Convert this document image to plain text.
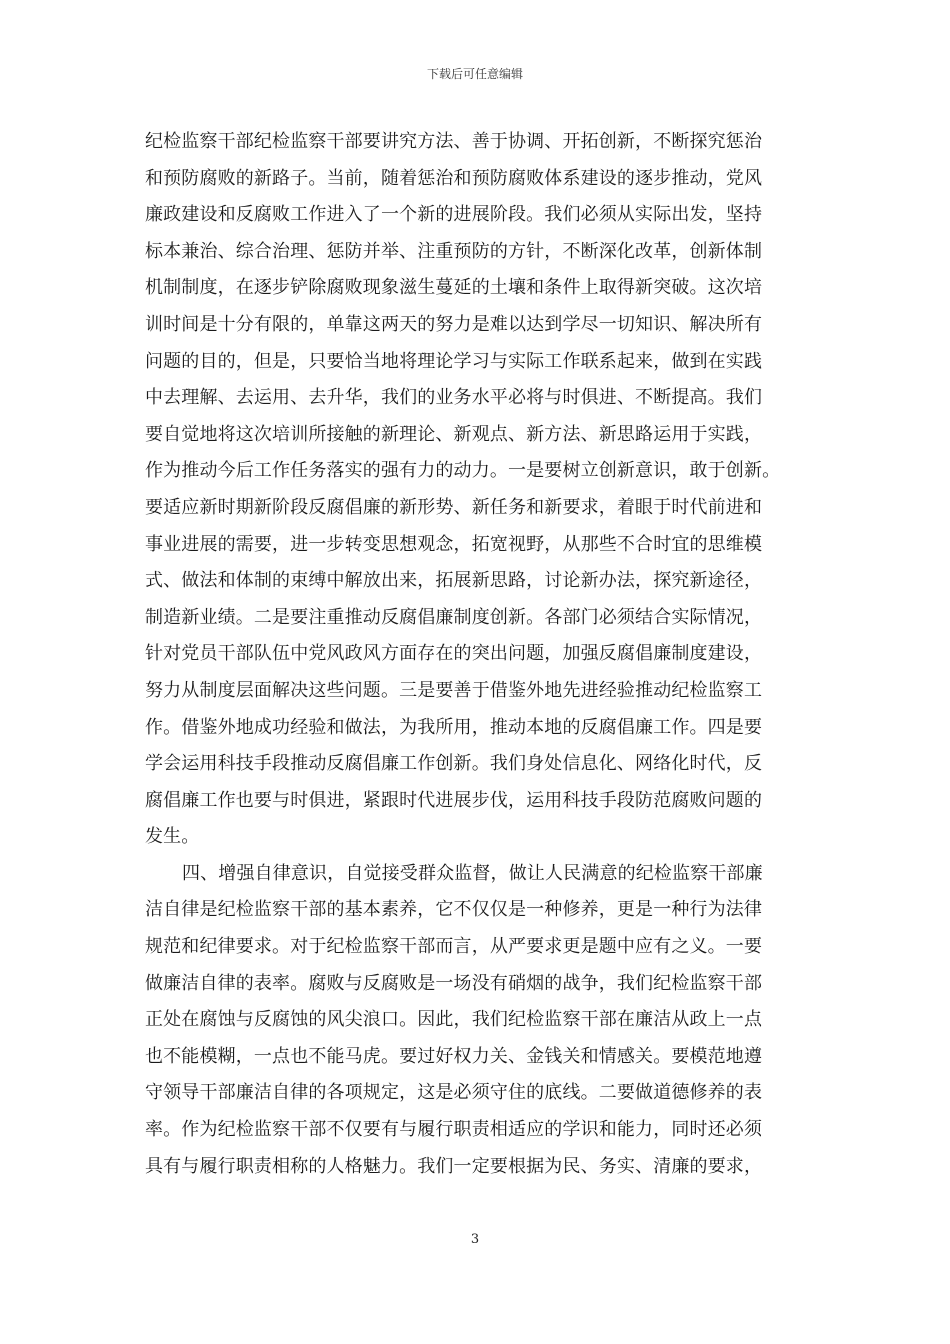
下载后可任意编辑
纪检监察干部纪检监察干部要讲究方法、善于协调、开拓创新，不断探究惩治
和预防腐败的新路子。当前，随着惩治和预防腐败体系建设的逐步推动，党风
廉政建设和反腐败工作进入了一个新的进展阶段。我们必须从实际出发，坚持
标本兼治、综合治理、惩防并举、注重预防的方针，不断深化改革，创新体制
机制制度，在逐步铲除腐败现象滋生蔓延的土壤和条件上取得新突破。这次培
训时间是十分有限的，单靠这两天的努力是难以达到学尽一切知识、解决所有
问题的目的，但是，只要恰当地将理论学习与实际工作联系起来，做到在实践
中去理解、去运用、去升华，我们的业务水平必将与时俱进、不断提高。我们
要自觉地将这次培训所接触的新理论、新观点、新方法、新思路运用于实践，
作为推动今后工作任务落实的强有力的动力。一是要树立创新意识，敢于创新。
要适应新时期新阶段反腐倡廉的新形势、新任务和新要求，着眼于时代前进和
事业进展的需要，进一步转变思想观念，拓宽视野，从那些不合时宜的思维模
式、做法和体制的束缚中解放出来，拓展新思路，讨论新办法，探究新途径，
制造新业绩。二是要注重推动反腐倡廉制度创新。各部门必须结合实际情况，
针对党员干部队伍中党风政风方面存在的突出问题，加强反腐倡廉制度建设，
努力从制度层面解决这些问题。三是要善于借鉴外地先进经验推动纪检监察工
作。借鉴外地成功经验和做法，为我所用，推动本地的反腐倡廉工作。四是要
学会运用科技手段推动反腐倡廉工作创新。我们身处信息化、网络化时代，反
腐倡廉工作也要与时俱进，紧跟时代进展步伐，运用科技手段防范腐败问题的
发生。
四、增强自律意识，自觉接受群众监督，做让人民满意的纪检监察干部廉
洁自律是纪检监察干部的基本素养，它不仅仅是一种修养，更是一种行为法律
规范和纪律要求。对于纪检监察干部而言，从严要求更是题中应有之义。一要
做廉洁自律的表率。腐败与反腐败是一场没有硝烟的战争，我们纪检监察干部
正处在腐蚀与反腐蚀的风尖浪口。因此，我们纪检监察干部在廉洁从政上一点
也不能模糊，一点也不能马虎。要过好权力关、金钱关和情感关。要模范地遵
守领导干部廉洁自律的各项规定，这是必须守住的底线。二要做道德修养的表
率。作为纪检监察干部不仅要有与履行职责相适应的学识和能力，同时还必须
具有与履行职责相称的人格魅力。我们一定要根据为民、务实、清廉的要求，
3
